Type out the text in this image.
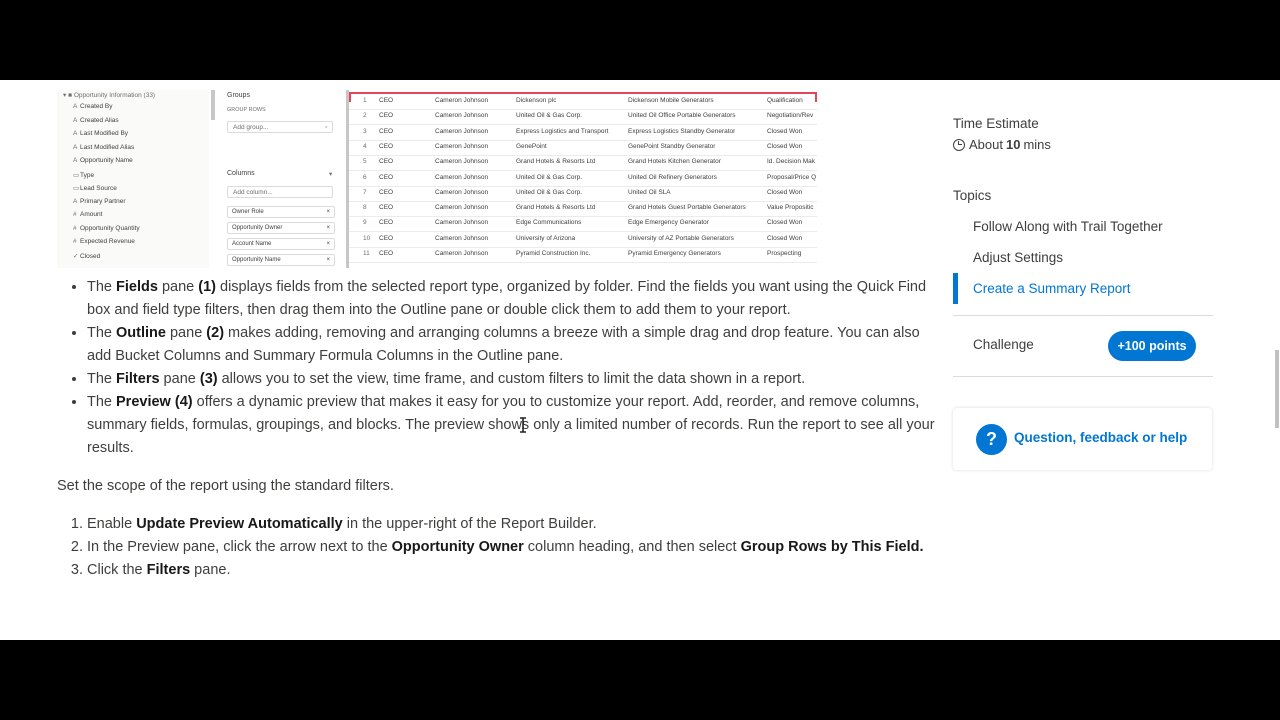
▾ ■ Opportunity Information (33)
A Created By
A Created Alias
A Last Modified By
A Last Modified Alias
A Opportunity Name
▭Type
▭Lead Source
A Primary Partner
# Amount
# Opportunity Quantity
# Expected Revenue
✓ Closed
Groups
GROUP ROWS
Add group...	⌕
Columns	▾
Add column...
Owner Role	×
Opportunity Owner	×
Account Name	×
Opportunity Name	×
1 CEO	Cameron Johnson	Dickenson plc	Dickenson Mobile Generators	Qualification
2 CEO	Cameron Johnson	United Oil & Gas Corp.	United Oil Office Portable Generators	Negotiation/Rev
3 CEO	Cameron Johnson	Express Logistics and Transport	Express Logistics Standby Generator	Closed Won
4 CEO	Cameron Johnson	GenePoint	GenePoint Standby Generator	Closed Won
5 CEO	Cameron Johnson	Grand Hotels & Resorts Ltd	Grand Hotels Kitchen Generator	Id. Decision Mak
6 CEO	Cameron Johnson	United Oil & Gas Corp.	United Oil Refinery Generators	Proposal/Price Q
7 CEO	Cameron Johnson	United Oil & Gas Corp.	United Oil SLA	Closed Won
8 CEO	Cameron Johnson	Grand Hotels & Resorts Ltd	Grand Hotels Guest Portable Generators	Value Propositic
9 CEO	Cameron Johnson	Edge Communications	Edge Emergency Generator	Closed Won
10 CEO	Cameron Johnson	University of Arizona	University of AZ Portable Generators	Closed Won
11 CEO	Cameron Johnson	Pyramid Construction Inc.	Pyramid Emergency Generators	Prospecting
• The Fields pane (1) displays fields from the selected report type, organized by folder. Find the fields you want using the Quick Find box and field type filters, then drag them into the Outline pane or double click them to add them to your report.
• The Outline pane (2) makes adding, removing and arranging columns a breeze with a simple drag and drop feature. You can also add Bucket Columns and Summary Formula Columns in the Outline pane.
• The Filters pane (3) allows you to set the view, time frame, and custom filters to limit the data shown in a report.
• The Preview (4) offers a dynamic preview that makes it easy for you to customize your report. Add, reorder, and remove columns, summary fields, formulas, groupings, and blocks. The preview shows only a limited number of records. Run the report to see all your results.

Set the scope of the report using the standard filters.

1. Enable Update Preview Automatically in the upper-right of the Report Builder.
2. In the Preview pane, click the arrow next to the Opportunity Owner column heading, and then select Group Rows by This Field.
3. Click the Filters pane.
Time Estimate
About 10 mins
Topics
Follow Along with Trail Together
Adjust Settings
Create a Summary Report
Challenge	+100 points
?	Question, feedback or help
